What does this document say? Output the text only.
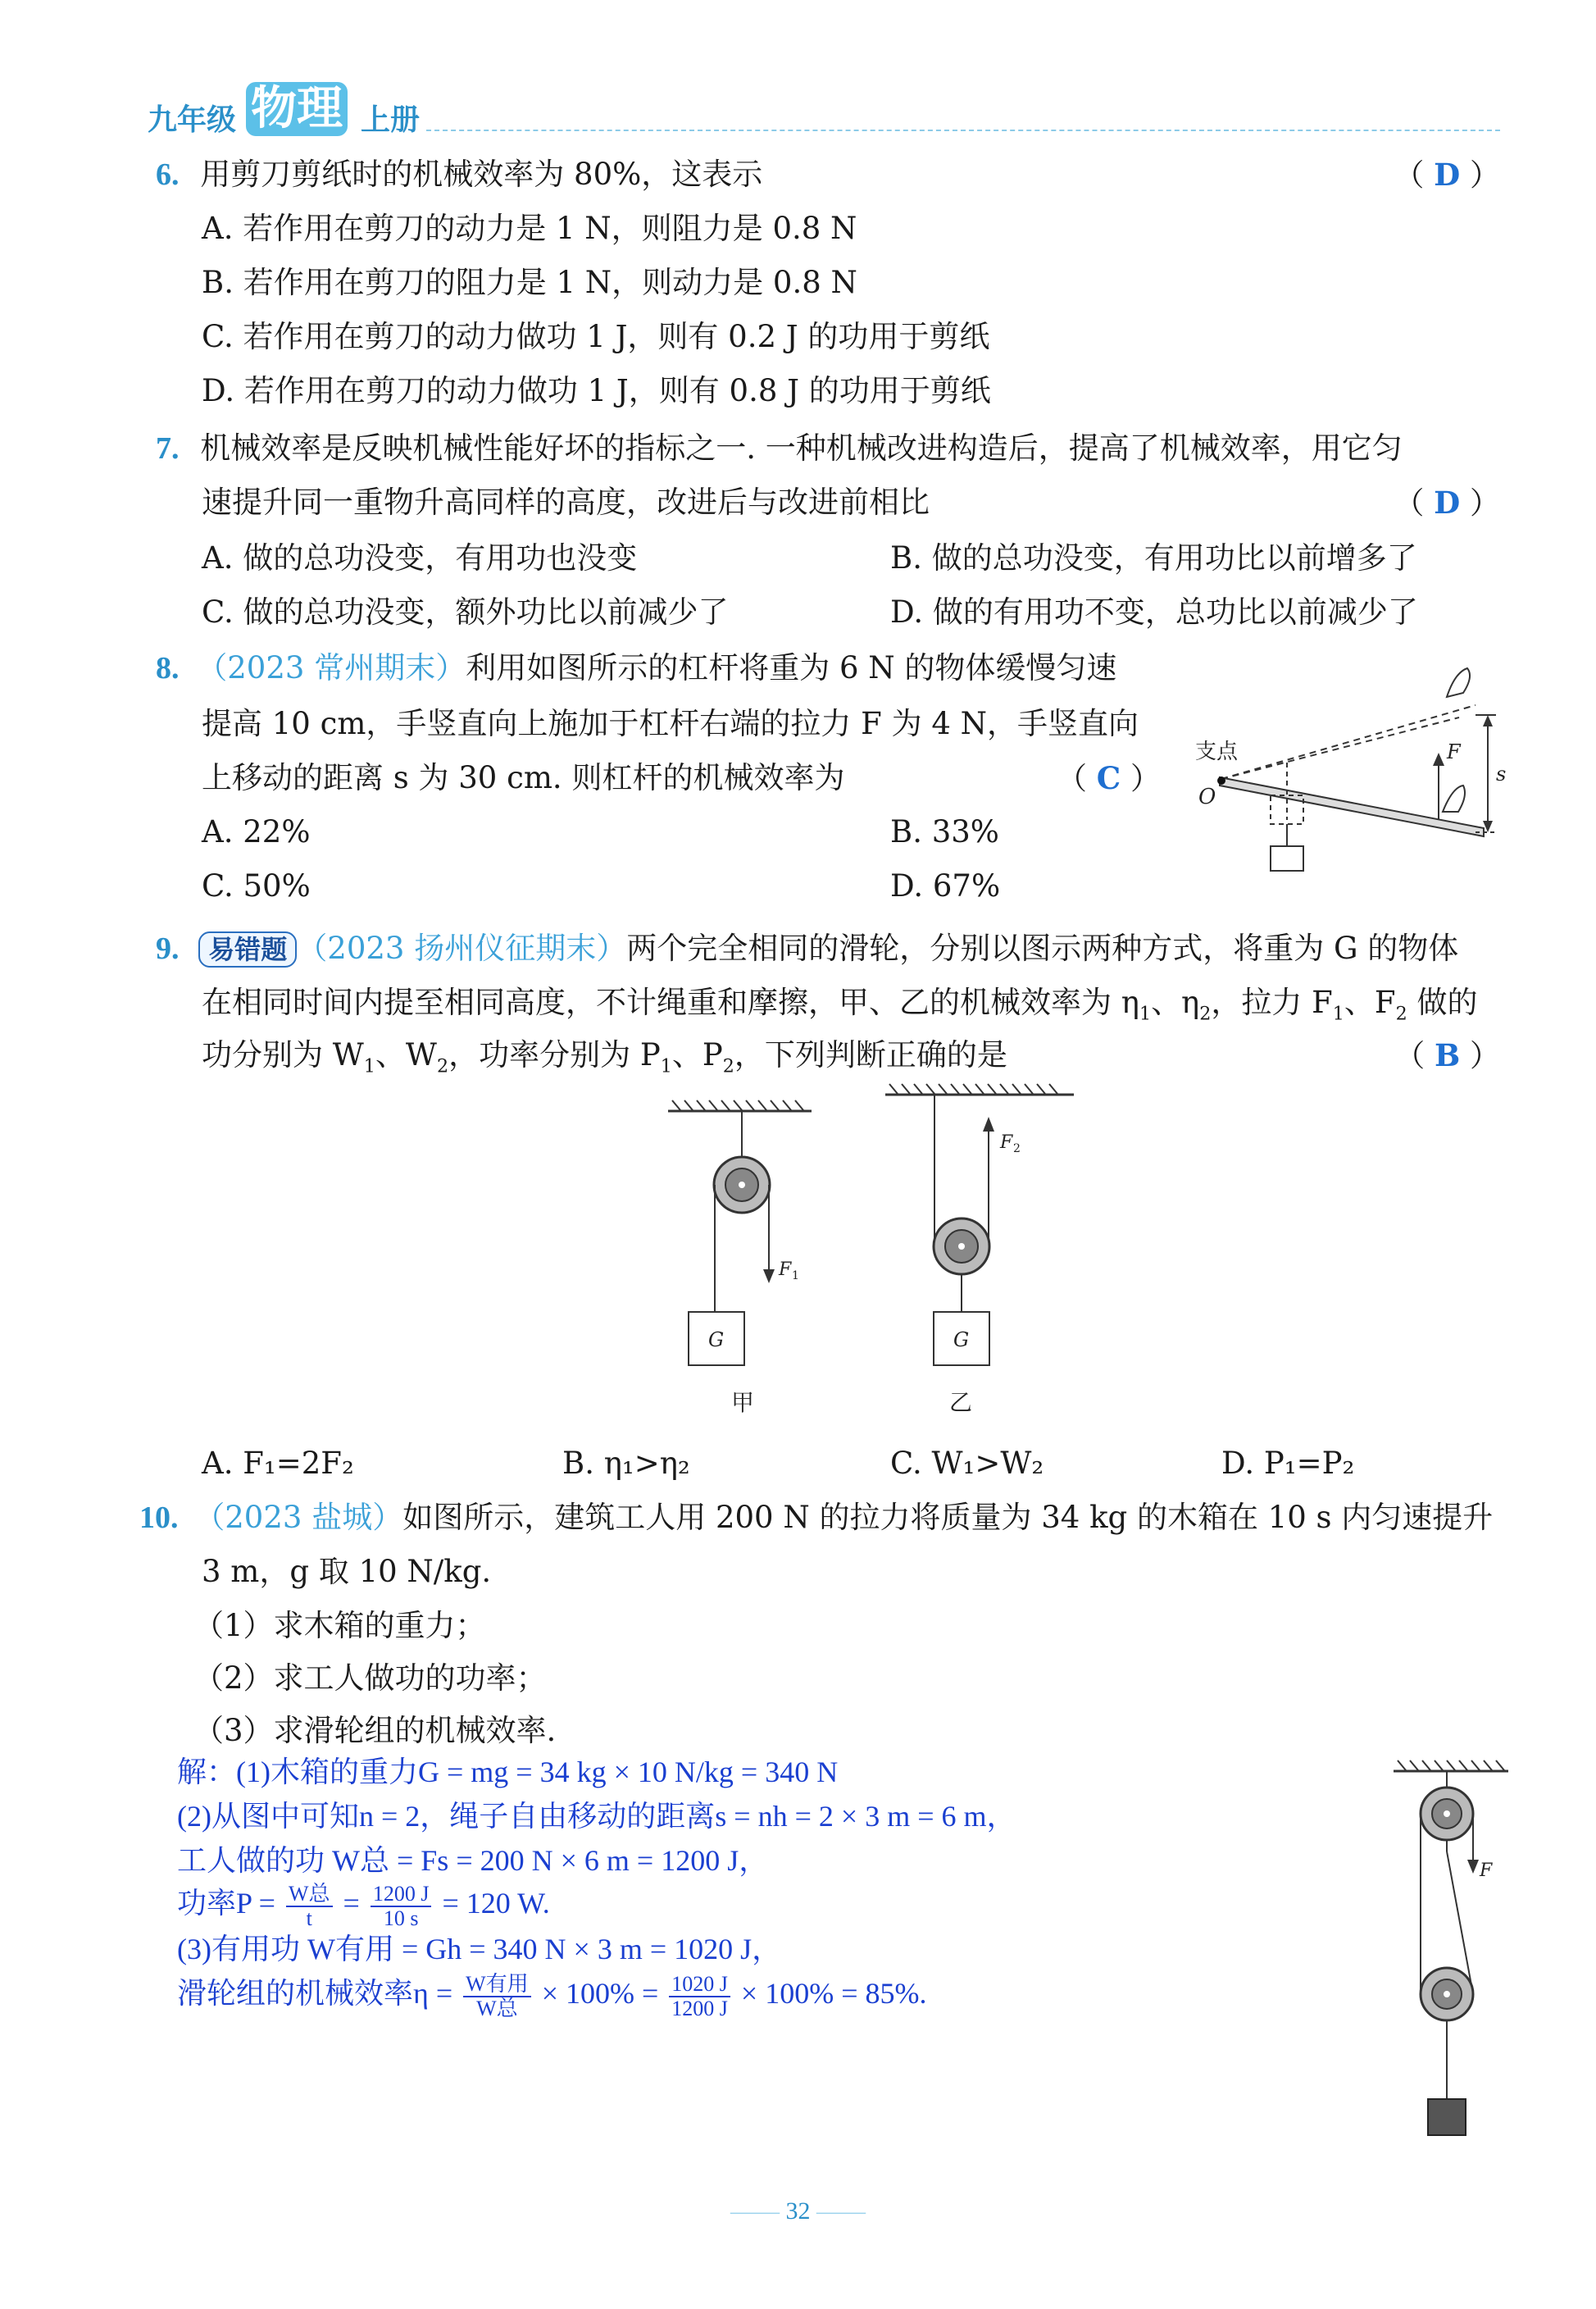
九年级 物理 上册
6. 用剪刀剪纸时的机械效率为 80%，这表示	（ D ）
A. 若作用在剪刀的动力是 1 N，则阻力是 0.8 N
B. 若作用在剪刀的阻力是 1 N，则动力是 0.8 N
C. 若作用在剪刀的动力做功 1 J，则有 0.2 J 的功用于剪纸
D. 若作用在剪刀的动力做功 1 J，则有 0.8 J 的功用于剪纸
7. 机械效率是反映机械性能好坏的指标之一. 一种机械改进构造后，提高了机械效率，用它匀
速提升同一重物升高同样的高度，改进后与改进前相比	（ D ）
A. 做的总功没变，有用功也没变	B. 做的总功没变，有用功比以前增多了
C. 做的总功没变，额外功比以前减少了	D. 做的有用功不变，总功比以前减少了
8. （2023 常州期末）利用如图所示的杠杆将重为 6 N 的物体缓慢匀速
提高 10 cm，手竖直向上施加于杠杆右端的拉力 F 为 4 N，手竖直向
上移动的距离 s 为 30 cm. 则杠杆的机械效率为	（ C ）
A. 22%	B. 33%
C. 50%	D. 67%
支点
O
F
s
9. 易错题 （2023 扬州仪征期末）两个完全相同的滑轮，分别以图示两种方式，将重为 G 的物体
在相同时间内提至相同高度，不计绳重和摩擦，甲、乙的机械效率为 $\eta_1$、$\eta_2$，拉力 $F_1$、$F_2$ 做的
功分别为 $W_1$、$W_2$，功率分别为 $P_1$、$P_2$，下列判断正确的是	（ B ）
G
F 1
甲
G
F 2
乙
A. F₁=2F₂	B. η₁>η₂	C. W₁>W₂	D. P₁=P₂
10. （2023 盐城）如图所示，建筑工人用 200 N 的拉力将质量为 34 kg 的木箱在 10 s 内匀速提升
3 m，g 取 10 N/kg.
（1）求木箱的重力；
（2）求工人做功的功率；
（3）求滑轮组的机械效率.
解：(1)木箱的重力G = mg = 34 kg × 10 N/kg = 340 N
(2)从图中可知n = 2，绳子自由移动的距离s = nh = 2 × 3 m = 6 m，
工人做的功 W总 = Fs = 200 N × 6 m = 1200 J，
功率$P = \frac{\text{W总}}{t} = \frac{1200 J}{10 s} = 120$ W.
(3)有用功 W有用 = Gh = 340 N × 3 m = 1020 J，
滑轮组的机械效率$\eta = \frac{\text{W有用}}{\text{W总}} \times 100\% = \frac{1020 J}{1200 J} \times 100\% = 85\%$.
F
—— 32 ——
